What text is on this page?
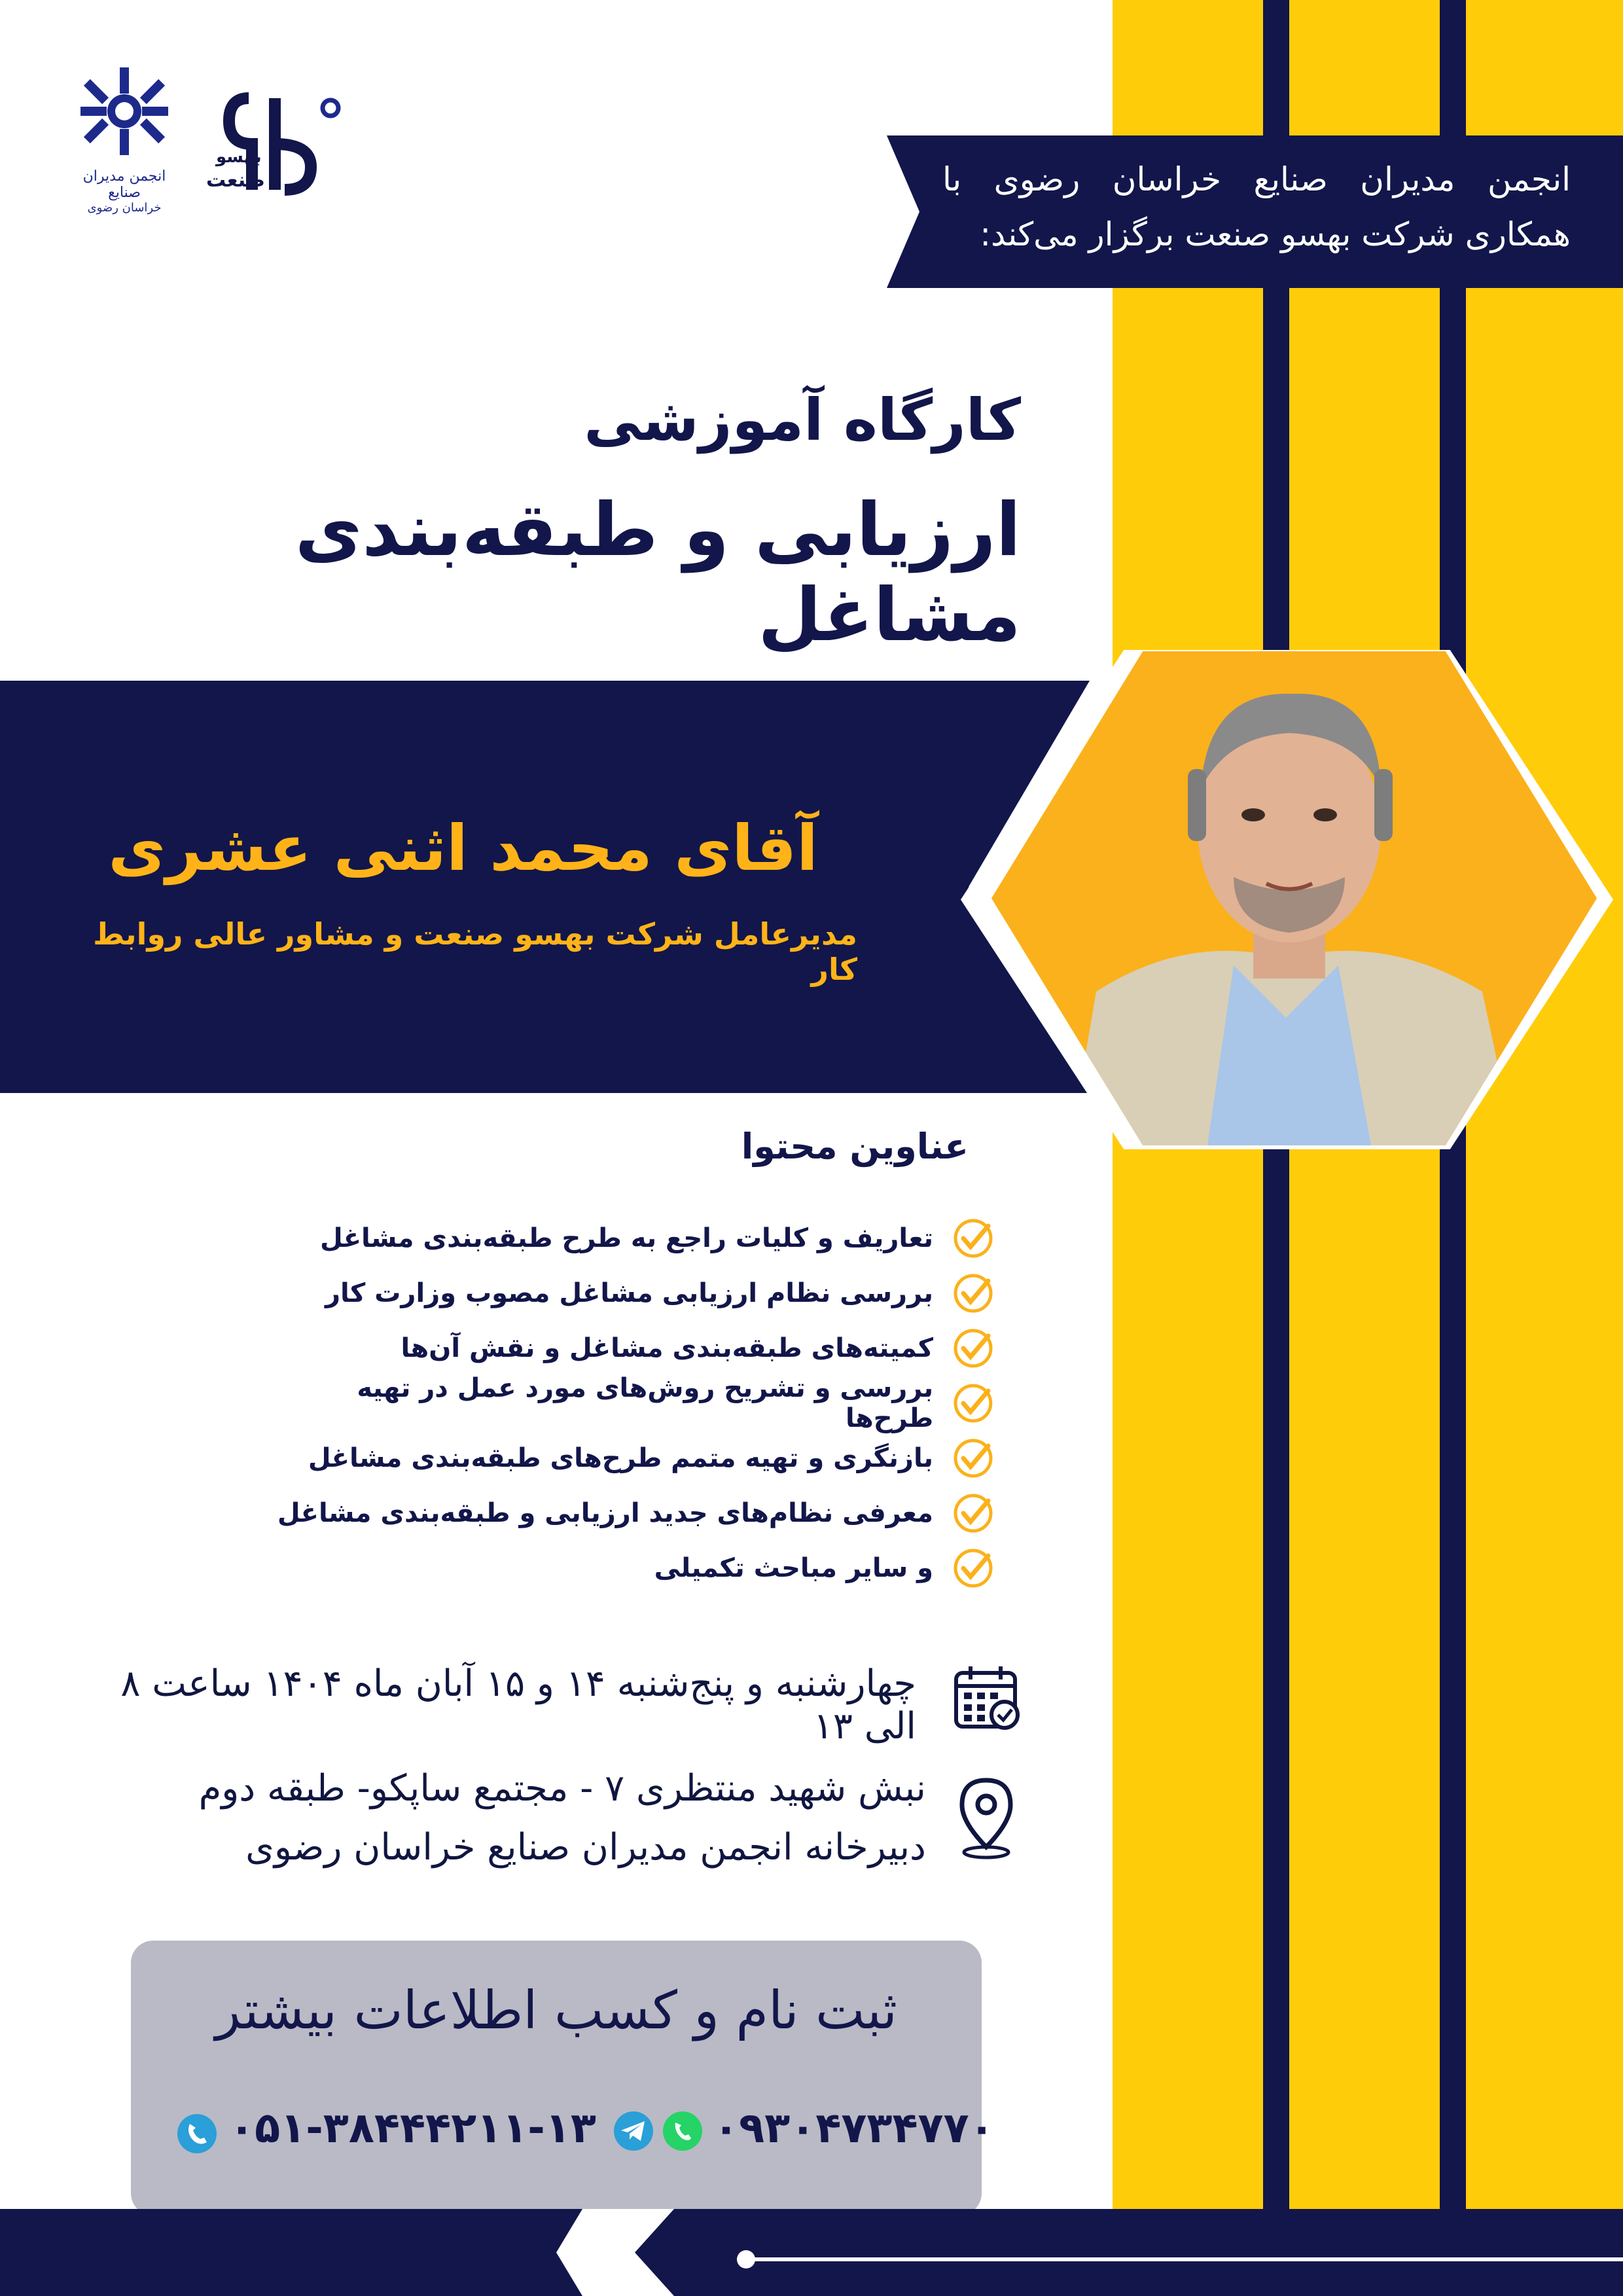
انجمن مدیران صنایع
خراسان رضوی
بهسو
صنعت	انجمن مدیران صنایع خراسان رضوی با همکاری شرکت بهسو صنعت برگزار می‌کند:
کارگاه آموزشی
ارزیابی و طبقه‌بندی مشاغل
آقای محمد اثنی عشری
مدیرعامل شرکت بهسو صنعت و مشاور عالی روابط کار
عناوین محتوا
تعاریف و کلیات راجع به طرح طبقه‌بندی مشاغل
بررسی نظام ارزیابی مشاغل مصوب وزارت کار
کمیته‌های طبقه‌بندی مشاغل و نقش آن‌ها
بررسی و تشریح روش‌های مورد عمل در تهیه طرح‌ها
بازنگری و تهیه متمم طرح‌های طبقه‌بندی مشاغل
معرفی نظام‌های جدید ارزیابی و طبقه‌بندی مشاغل
و سایر مباحث تکمیلی
چهارشنبه و پنج‌شنبه ۱۴ و ۱۵ آبان ماه ۱۴۰۴ ساعت ۸ الی ۱۳
نبش شهید منتظری ۷ - مجتمع ساپکو- طبقه دوم
دبیرخانه انجمن مدیران صنایع خراسان رضوی
ثبت نام و کسب اطلاعات بیشتر
۰۹۳۰۴۷۳۴۷۷۰
۰۵۱-۳۸۴۴۴۲۱۱-۱۳
